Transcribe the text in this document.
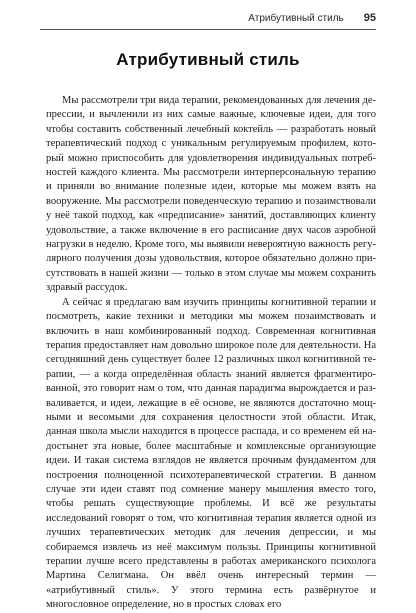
Атрибутивный стиль 95
Атрибутивный стиль

Мы рассмотрели три вида терапии, рекомендованных для лечения депрессии, и вычленили из них самые важные, ключевые идеи, для того чтобы составить собственный лечебный коктейль — разработать новый терапевтический подход с уникальным регулируемым профилем, который можно приспособить для удовлетворения индивидуальных потребностей каждого клиента. Мы рассмотрели интерперсональную терапию и приняли во внимание полезные идеи, которые мы можем взять на вооружение. Мы рассмотрели поведенческую терапию и позаимствовали у неё такой подход, как «предписание» занятий, доставляющих клиенту удовольствие, а также включение в его расписание двух часов аэробной нагрузки в неделю. Кроме того, мы выявили невероятную важность регулярного получения дозы удовольствия, которое обязательно должно присутствовать в нашей жизни — только в этом случае мы можем сохранить здравый рассудок.

А сейчас я предлагаю вам изучить принципы когнитивной терапии и посмотреть, какие техники и методики мы можем позаимствовать и включить в наш комбинированный подход. Современная когнитивная терапия предоставляет нам довольно широкое поле для деятельности. На сегодняшний день существует более 12 различных школ когнитивной терапии, — а когда определённая область знаний является фрагментированной, это говорит нам о том, что данная парадигма вырождается и разваливается, и идеи, лежащие в её основе, не являются достаточно мощными и весомыми для сохранения целостности этой области. Итак, данная школа мысли находится в процессе распада, и со временем ей надостынет эта новые, более масштабные и комплексные организующие идеи. И такая система взглядов не является прочным фундаментом для построения полноценной психотерапевтической стратегии. В данном случае эти идеи ставят под сомнение манеру мышления вместо того, чтобы решать существующие проблемы. И всё же результаты исследований говорят о том, что когнитивная терапия является одной из лучших терапевтических методик для лечения депрессии, и мы собираемся извлечь из неё максимум пользы. Принципы когнитивной терапии лучше всего представлены в работах американского психолога Мартина Селигмана. Он ввёл очень интересный термин — «атрибутивный стиль». У этого термина есть развёрнутое и многословное определение, но в простых словах его
